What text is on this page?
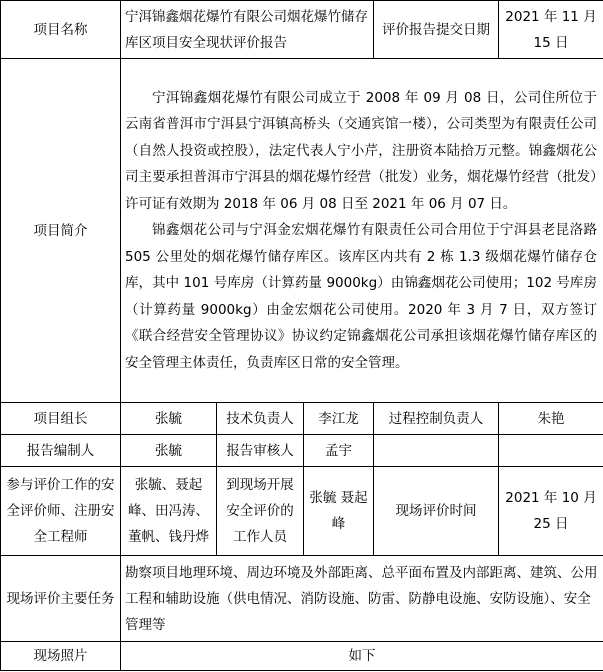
项目名称	宁洱锦鑫烟花爆竹有限公司烟花爆竹储存库区项目安全现状评价报告			评价报告提交日期	2021 年 11 月 15 日
项目简介	宁洱锦鑫烟花爆竹有限公司成立于 2008 年 09 月 08 日，公司住所位于云南省普洱市宁洱县宁洱镇高桥头（交通宾馆一楼），公司类型为有限责任公司（自然人投资或控股），法定代表人宁小芹，注册资本陆拾万元整。锦鑫烟花公司主要承担普洱市宁洱县的烟花爆竹经营（批发）业务，烟花爆竹经营（批发）许可证有效期为 2018 年 06 月 08 日至 2021 年 06 月 07 日。

锦鑫烟花公司与宁洱金宏烟花爆竹有限责任公司合用位于宁洱县老昆洛路 505 公里处的烟花爆竹储存库区。该库区内共有 2 栋 1.3 级烟花爆竹储存仓库，其中 101 号库房（计算药量 9000kg）由锦鑫烟花公司使用；102 号库房（计算药量 9000kg）由金宏烟花公司使用。2020 年 3 月 7 日，双方签订《联合经营安全管理协议》协议约定锦鑫烟花公司承担该烟花爆竹储存库区的安全管理主体责任，负责库区日常的安全管理。				

项目组长	张毓	技术负责人	李江龙	过程控制负责人	朱艳
报告编制人	张毓	报告审核人	孟宇		
参与评价工作的安全评价师、注册安全工程师	张毓、聂起峰、田冯涛、董帆、钱丹烨	到现场开展安全评价的工作人员	张毓 聂起峰	现场评价时间	2021 年 10 月 25 日
现场评价主要任务	勘察项目地理环境、周边环境及外部距离、总平面布置及内部距离、建筑、公用工程和辅助设施（供电情况、消防设施、防雷、防静电设施、安防设施）、安全管理等				
现场照片	如下				
